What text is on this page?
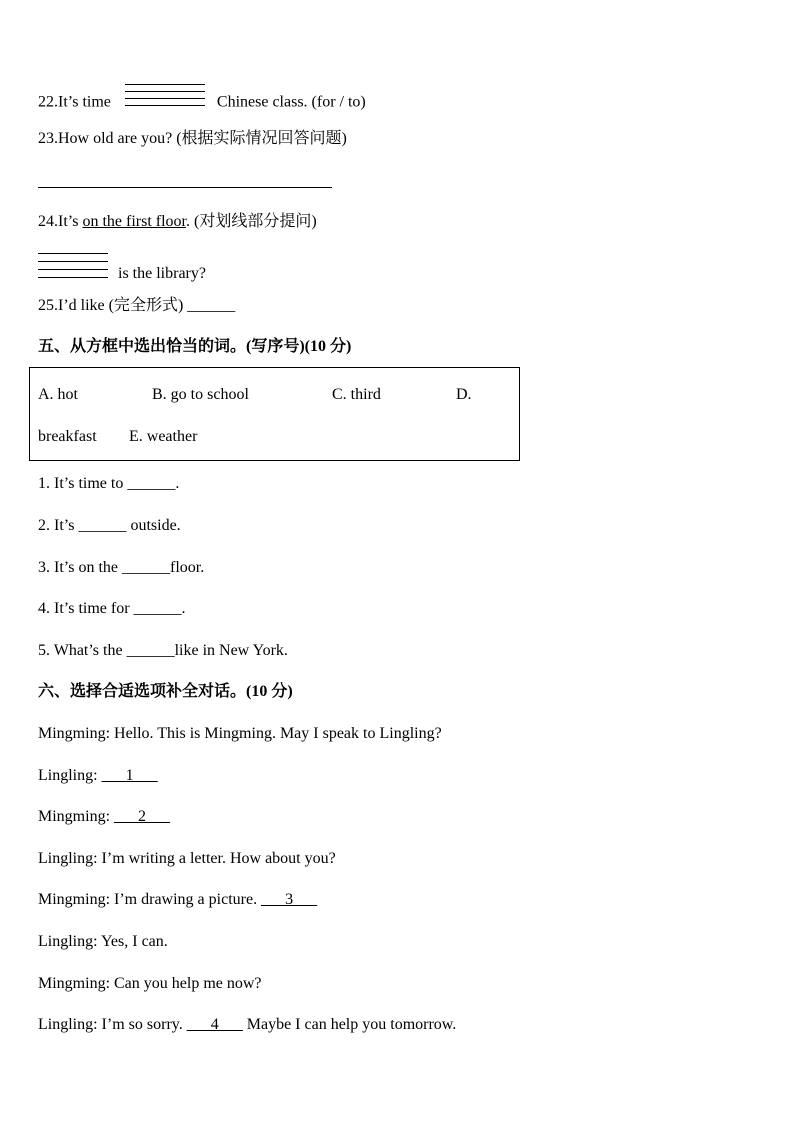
22.It’s time	Chinese class. (for / to)
23.How old are you? (根据实际情况回答问题)
24.It’s on the first floor. (对划线部分提问)
is the library?
25.I’d like (完全形式) ______
五、从方框中选出恰当的词。(写序号)(10 分)
A. hot	B. go to school	C. third	D.
breakfast E. weather
1. It’s time to ______.
2. It’s ______ outside.
3. It’s on the ______floor.
4. It’s time for ______.
5. What’s the ______like in New York.
六、选择合适选项补全对话。(10 分)
Mingming: Hello. This is Mingming. May I speak to Lingling?
Lingling: ___1___
Mingming: ___2___
Lingling: I’m writing a letter. How about you?
Mingming: I’m drawing a picture. ___3___
Lingling: Yes, I can.
Mingming: Can you help me now?
Lingling: I’m so sorry. ___4___ Maybe I can help you tomorrow.
